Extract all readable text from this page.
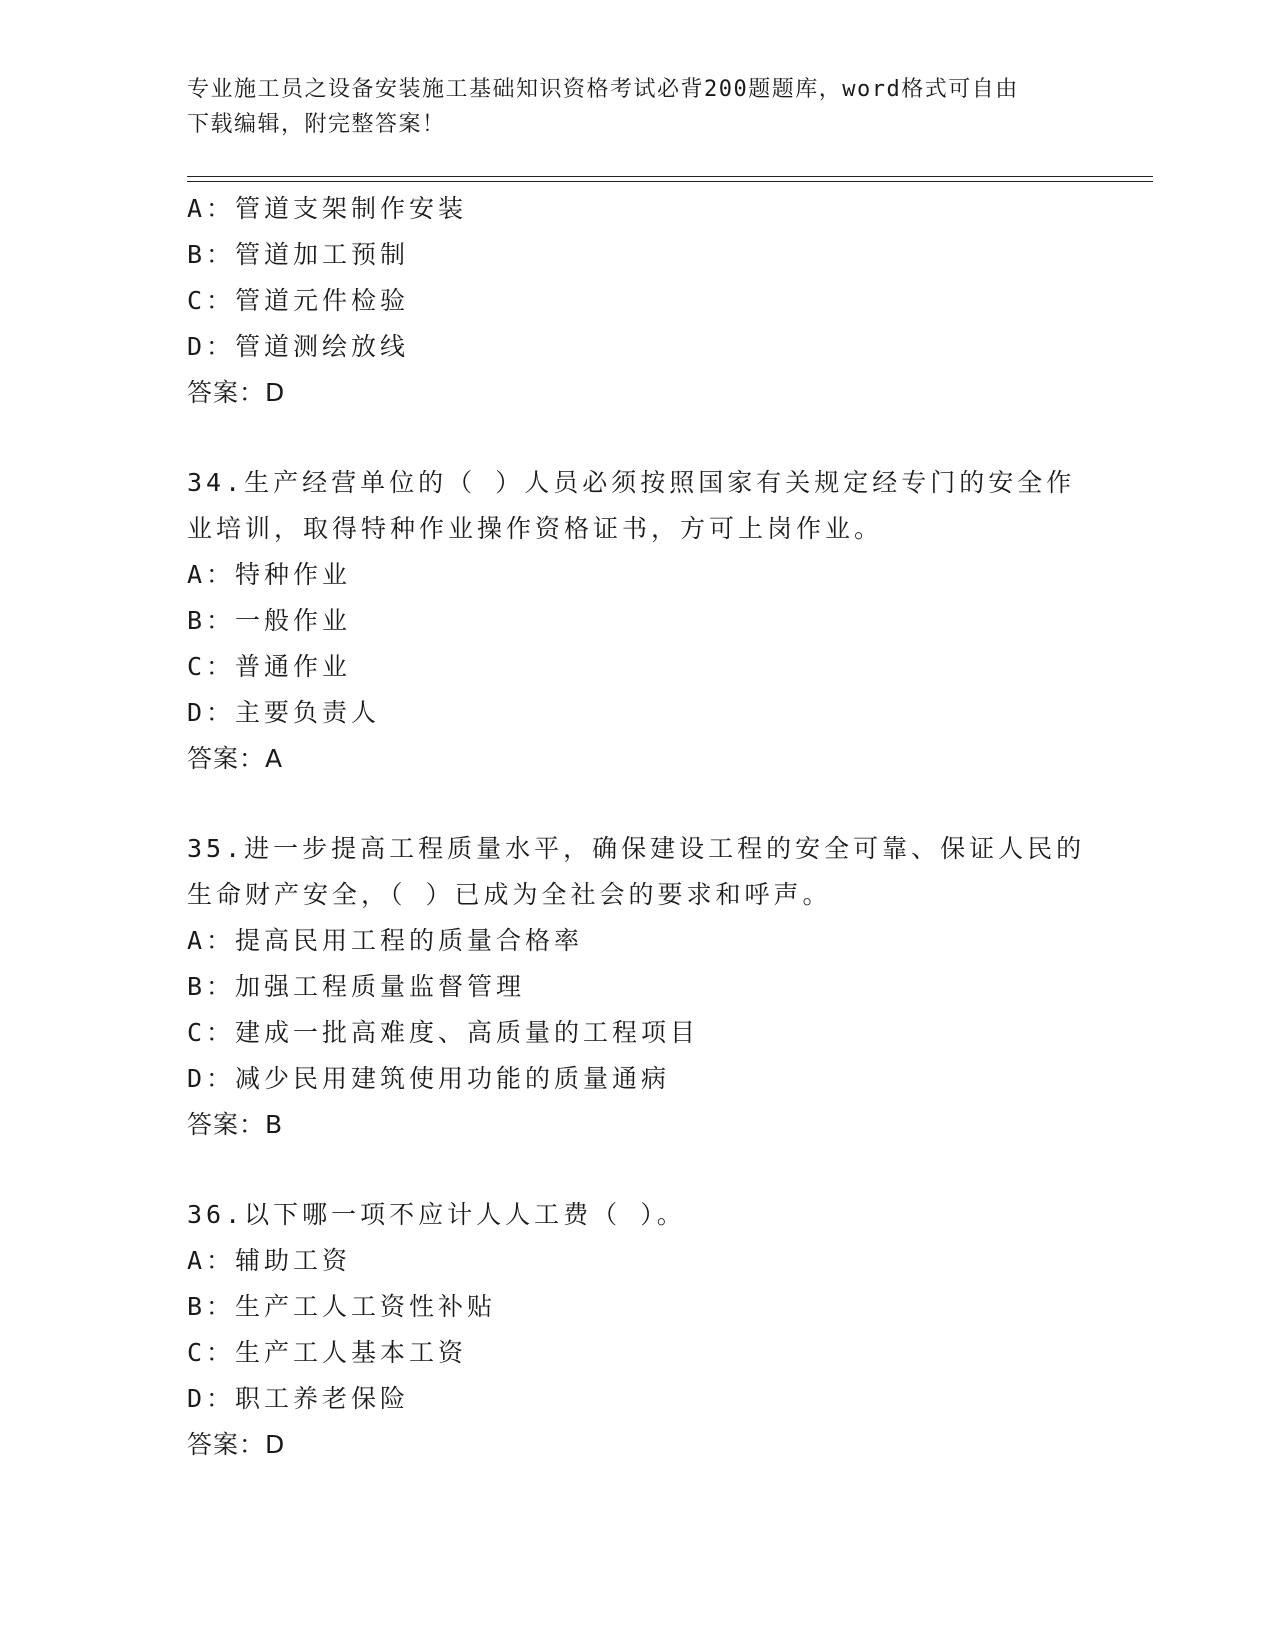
专业施工员之设备安装施工基础知识资格考试必背200题题库，word格式可自由
下载编辑，附完整答案！
A：管道支架制作安装
B：管道加工预制
C：管道元件检验
D：管道测绘放线
答案：D
34.生产经营单位的（ ）人员必须按照国家有关规定经专门的安全作
业培训，取得特种作业操作资格证书，方可上岗作业。
A：特种作业
B：一般作业
C：普通作业
D：主要负责人
答案：A
35.进一步提高工程质量水平，确保建设工程的安全可靠、保证人民的
生命财产安全，（ ）已成为全社会的要求和呼声。
A：提高民用工程的质量合格率
B：加强工程质量监督管理
C：建成一批高难度、高质量的工程项目
D：减少民用建筑使用功能的质量通病
答案：B
36.以下哪一项不应计人人工费（ ）。
A：辅助工资
B：生产工人工资性补贴
C：生产工人基本工资
D：职工养老保险
答案：D
